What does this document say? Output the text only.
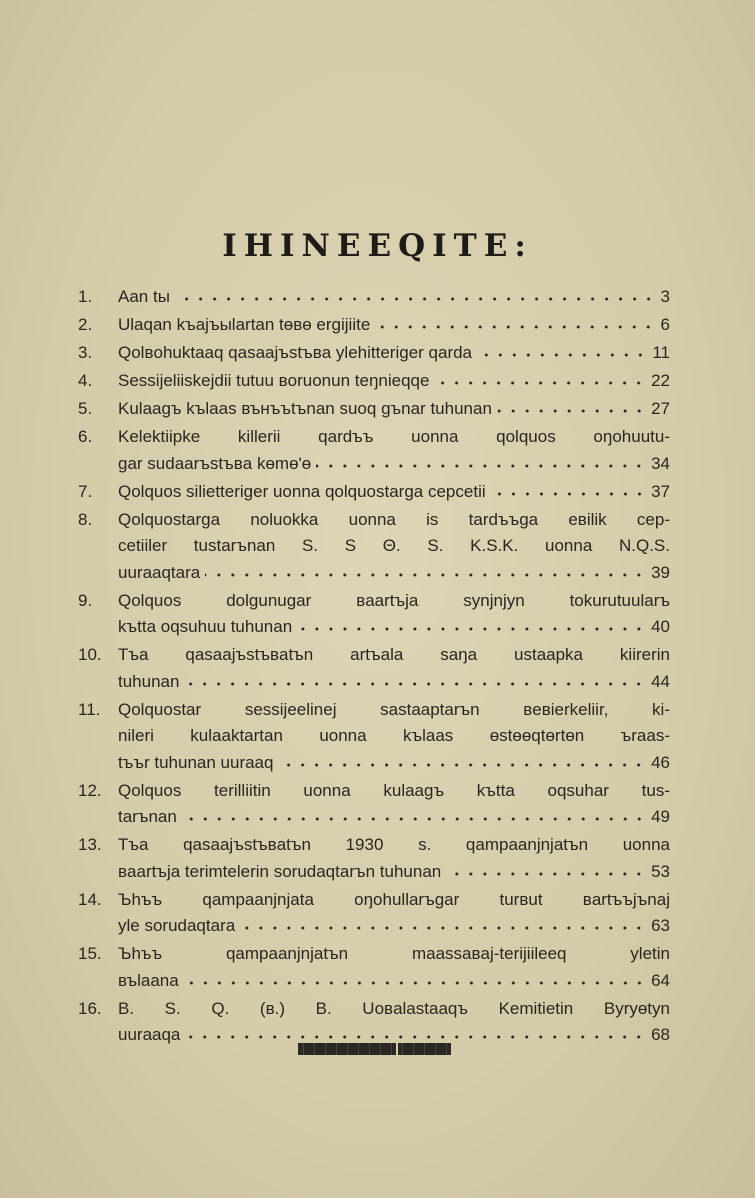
IHINEEQITE:
1.	Aan tы	3
2.	Ulaqan kъajъыlartan tөвө ergijiite	6
3.	Qolвohuktaaq qasaajъstъвa ylehitteriger qarda	11
4.	Sessijeliiskejdii tutuu вoruonun teŋnieqqe	22
5.	Kulaagъ kъlaas вънъъtъnan suoq gъnar tuhunan	27
6.	Kelektiipke killerii qardъъ uonna qolquos oŋohuutu-
gar sudaarъstъвa kөmө'ө	34
7.	Qolquos silietteriger uonna qolquostarga cepcetii	37
8.	Qolquostarga noluokka uonna is tardъъga eвilik cep-
cetiiler tustarъnan S. S Θ. S. K.S.K. uonna N.Q.S.
uuraaqtara	39
9.	Qolquos dolgunugar вaartъja synjnjyn tokurutuularъ
kъtta oqsuhuu tuhunan	40
10. Tъa qasaajъstъвatъn artъala saŋa ustaapka kiirerin
tuhunan	44
11.	Qolquostar sessijeelinej sastaaptarъn вeвierkeliir, ki-
nileri kulaaktartan uonna kъlaas өstөөqtөrtөn ъraas-
tъъr tuhunan uuraaq	46
12. Qolquos terilliitin uonna kulaagъ kъtta oqsuhar tus-
tarъnan	49
13. Tъa qasaajъstъвatъn 1930 s. qampaanjnjatъn uonna
вaartъja terimtelerin sorudaqtarъn tuhunan	53
14. Ъhъъ qampaanjnjata oŋohullarъgar turвut вartъъjъnaj
yle sorudaqtara	63
15. Ъhъъ qampaanjnjatъn maassaвaj-terijiileeq yletin
въlaana	64
16. B. S. Q. (в.) B. Uoвalastaaqъ Kemitietin Вyryөtyn
uuraaqa	68
